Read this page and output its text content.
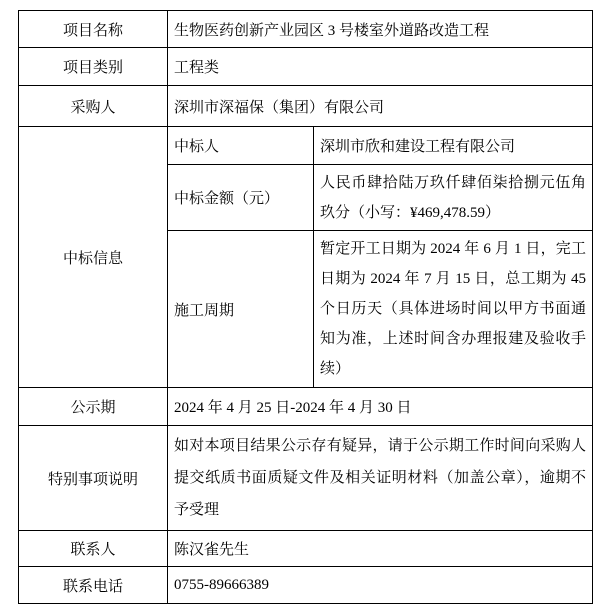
项目名称	生物医药创新产业园区 3 号楼室外道路改造工程	
项目类别	工程类	
采购人	深圳市深福保（集团）有限公司	
中标信息	中标人	深圳市欣和建设工程有限公司
	中标金额（元）	人民币肆拾陆万玖仟肆佰柒拾捌元伍角玖分（小写：¥469,478.59）
	施工周期	暂定开工日期为 2024 年 6 月 1 日，完工日期为 2024 年 7 月 15 日，总工期为 45 个日历天（具体进场时间以甲方书面通知为准，上述时间含办理报建及验收手续）
公示期	2024 年 4 月 25 日-2024 年 4 月 30 日	
特别事项说明	如对本项目结果公示存有疑异，请于公示期工作时间向采购人提交纸质书面质疑文件及相关证明材料（加盖公章），逾期不予受理	
联系人	陈汉雀先生	
联系电话	0755-89666389	
